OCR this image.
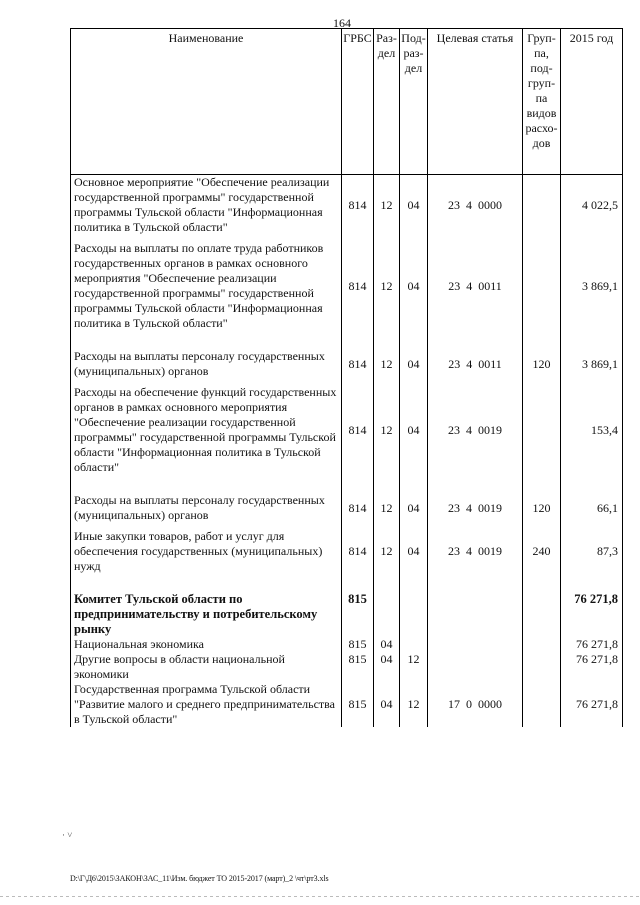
164
Наименование	ГРБС	Раз-дел	Под-раз-дел	Целевая статья	Груп-па, под-груп-па видов расхо-дов	2015 год
Основное мероприятие "Обеспечение реализации государственной программы" государственной программы Тульской области "Информационная политика в Тульской области"	814	12	04	23  4  0000		4 022,5

Расходы на выплаты по оплате труда работников государственных органов в рамках основного мероприятия "Обеспечение реализации государственной программы" государственной программы Тульской области "Информационная политика в Тульской области"	814	12	04	23  4  0011		3 869,1

Расходы на выплаты персоналу государственных (муниципальных) органов	814	12	04	23  4  0011	120	3 869,1

Расходы на обеспечение функций государственных органов в рамках основного мероприятия "Обеспечение реализации государственной программы" государственной программы Тульской области "Информационная политика в Тульской области"	814	12	04	23  4  0019		153,4

Расходы на выплаты персоналу государственных (муниципальных) органов	814	12	04	23  4  0019	120	66,1

Иные закупки товаров, работ и услуг для обеспечения государственных (муниципальных) нужд	814	12	04	23  4  0019	240	87,3

Комитет Тульской области по предпринимательству и потребительскому рынку	815					76 271,8
Национальная экономика	815	04				76 271,8
Другие вопросы в области национальной экономики	815	04	12			76 271,8
Государственная программа Тульской области "Развитие малого и среднего предпринимательства в Тульской области"	815	04	12	17  0  0000		76 271,8
· ˅
D:\Г\Д6\2015\ЗАКОН\ЗАС_11\Изм. бюджет ТО 2015-2017 (март)_2 \чт\рт3.xls
